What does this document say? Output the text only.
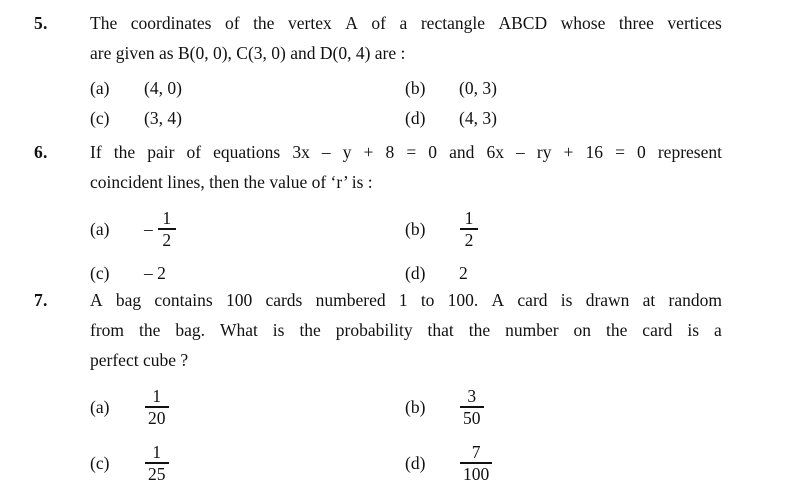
5.	The coordinates of the vertex A of a rectangle ABCD whose three vertices
are given as B(0, 0), C(3, 0) and D(0, 4) are :
(a)	(4, 0)	(b)	(0, 3)
(c)	(3, 4)	(d)	(4, 3)
6.	If the pair of equations 3x – y + 8 = 0 and 6x – ry + 16 = 0 represent
coincident lines, then the value of ‘r’ is :
(a)	– $\frac{1}{2}$	(b)	$\frac{1}{2}$
(c)	– 2	(d)	2
7.	A bag contains 100 cards numbered 1 to 100. A card is drawn at random
from the bag. What is the probability that the number on the card is a
perfect cube ?
(a)	$\frac{1}{20}$	(b)	$\frac{3}{50}$
(c)	$\frac{1}{25}$	(d)	$\frac{7}{100}$
